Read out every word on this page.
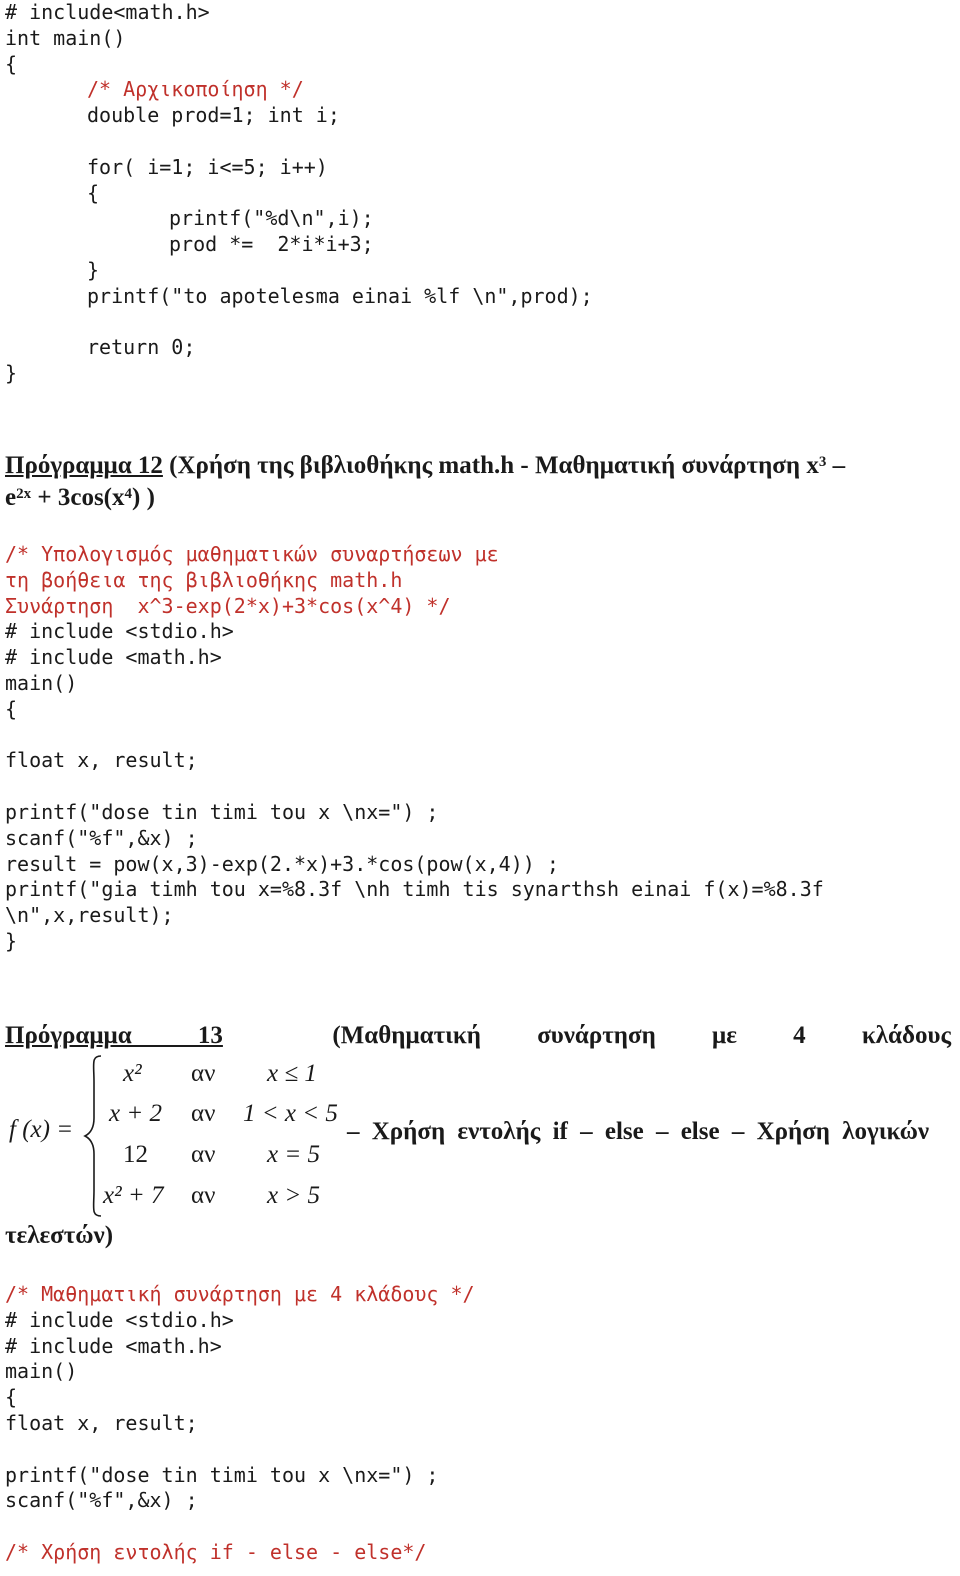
# include<math.h>
int main()
{
/* Αρχικοποίηση */
double prod=1; int i;
for( i=1; i<=5; i++)
{
printf("%d\n",i);
prod *=  2*i*i+3;
}
printf("to apotelesma einai %lf \n",prod);
return 0;
}
Πρόγραμμα 12 (Χρήση της βιβλιοθήκης math.h - Μαθηματική συνάρτηση $x^3$ –
$e^{2x} + 3\cos(x^4)$ )
/* Υπολογισμός μαθηματικών συναρτήσεων με
τη βοήθεια της βιβλιοθήκης math.h
Συνάρτηση  x^3-exp(2*x)+3*cos(x^4) */
# include <stdio.h>
# include <math.h>
main()
{
float x, result;
printf("dose tin timi tou x \nx=") ;
scanf("%f",&x) ;
result = pow(x,3)-exp(2.*x)+3.*cos(pow(x,4)) ;
printf("gia timh tou x=%8.3f \nh timh tis synarthsh einai f(x)=%8.3f
\n",x,result);
}
Πρόγραμμα 13	(Μαθηματική συνάρτηση με 4 κλάδους
f (x) =
x² αν x ≤ 1
x + 2 αν 1 < x < 5
12 αν x = 5
x² + 7 αν x > 5
– Χρήση εντολής if – else – else – Χρήση λογικών
τελεστών)
/* Μαθηματική συνάρτηση με 4 κλάδους */
# include <stdio.h>
# include <math.h>
main()
{
float x, result;
printf("dose tin timi tou x \nx=") ;
scanf("%f",&x) ;
/* Χρήση εντολής if - else - else*/
